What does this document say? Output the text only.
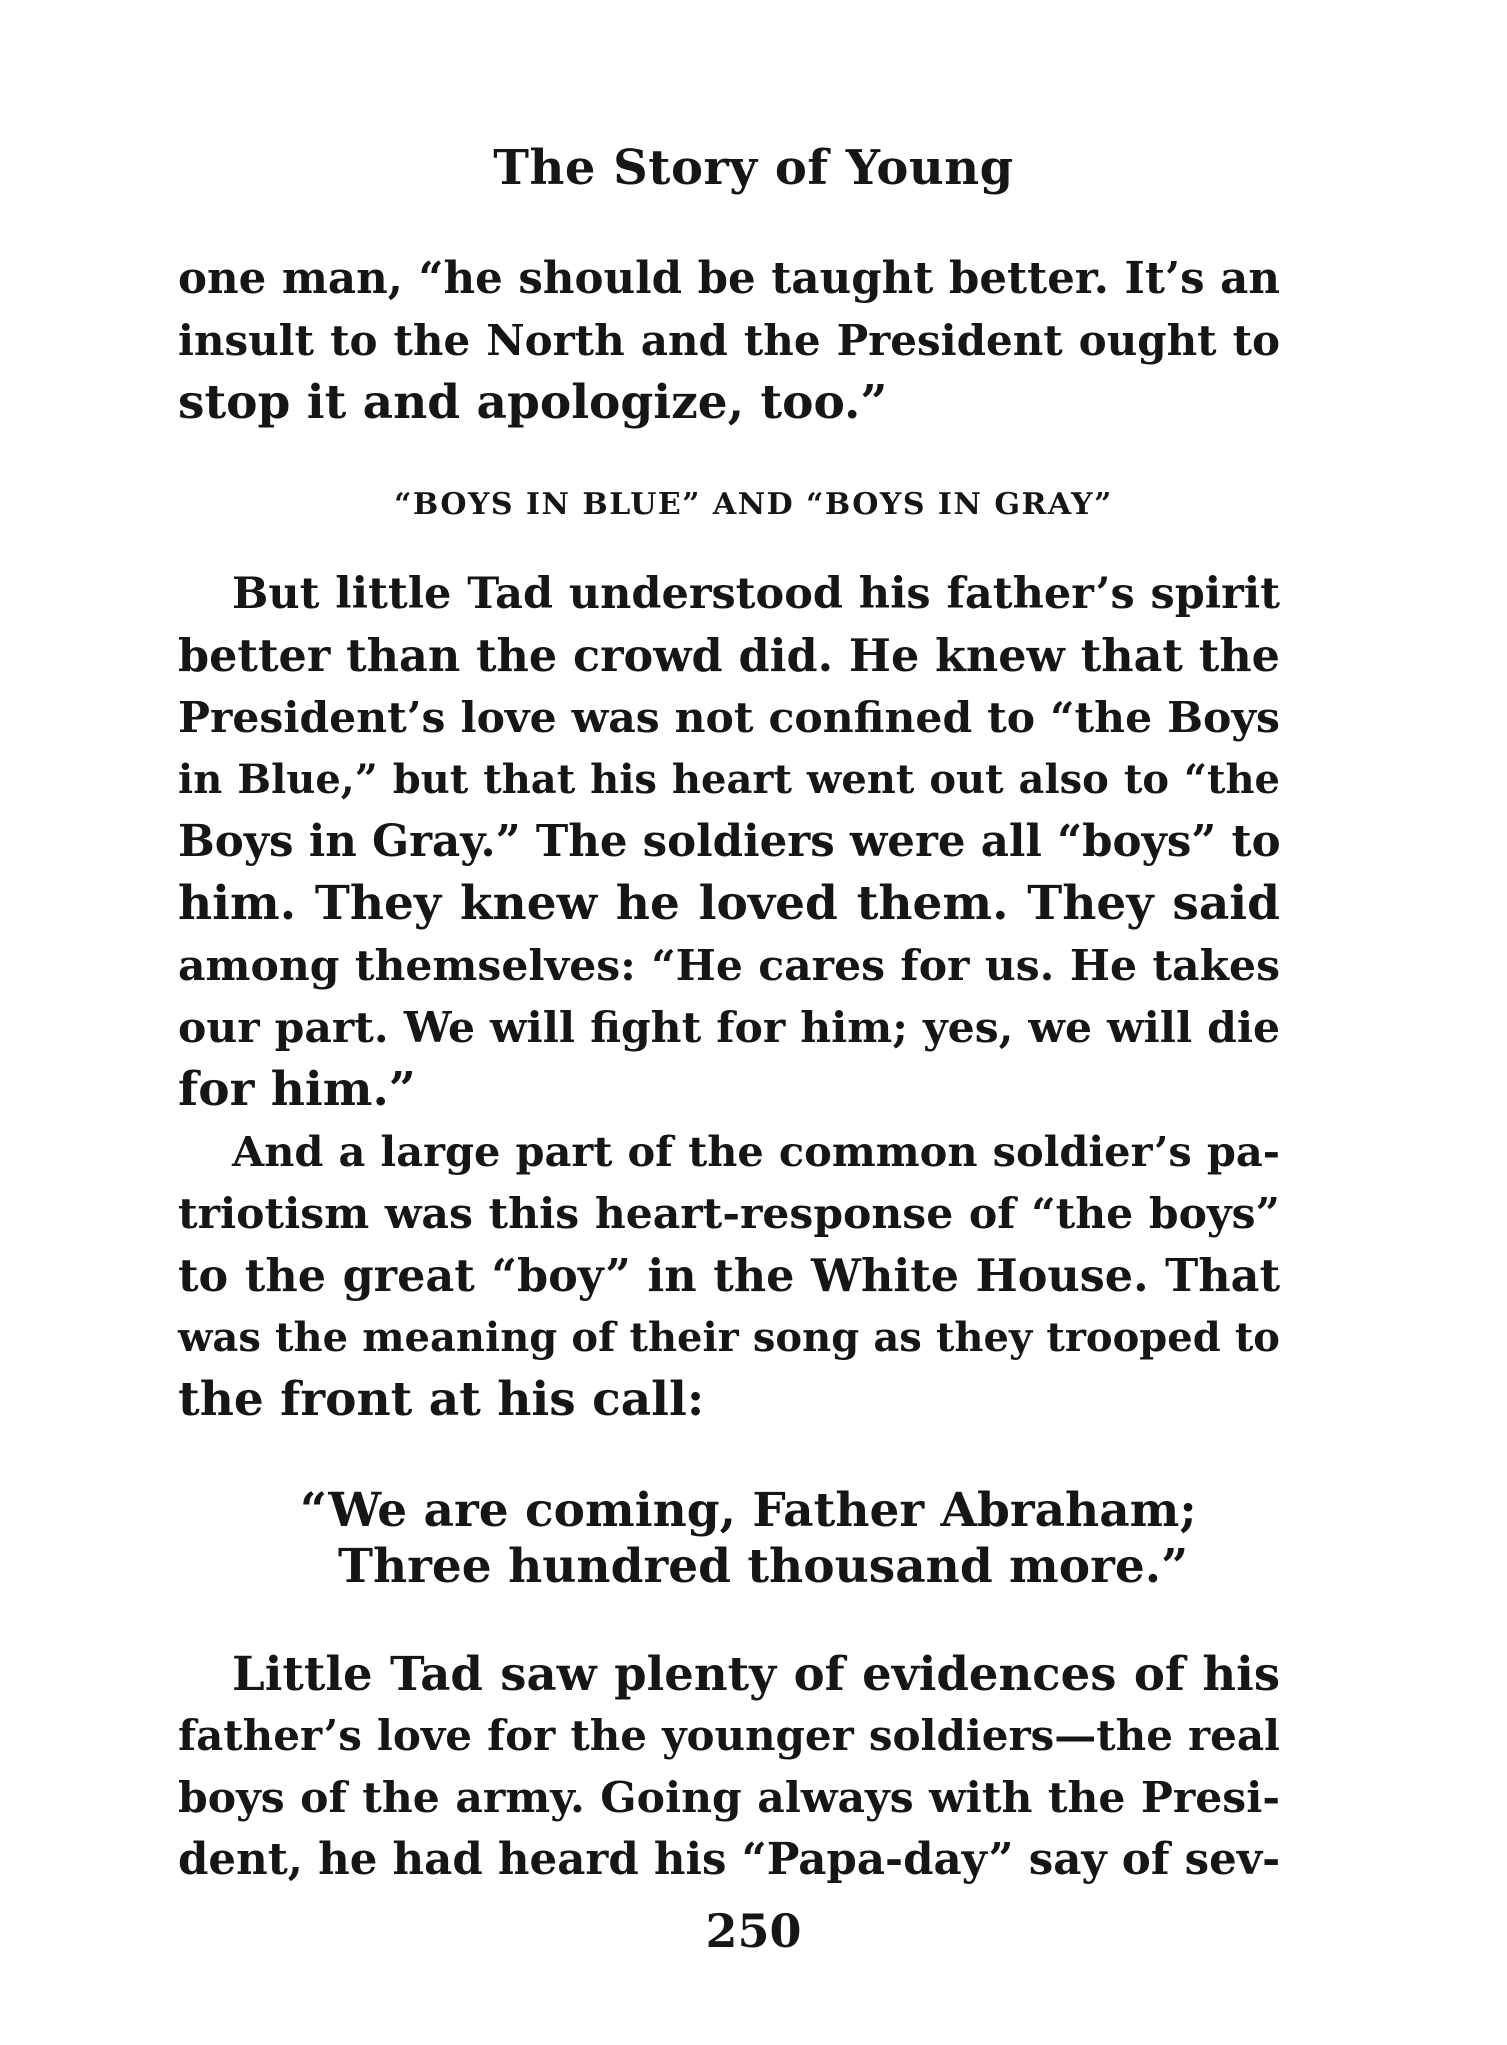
The Story of Young
one man, “he should be taught better. It’s an
insult to the North and the President ought to
stop it and apologize, too.”
“BOYS IN BLUE” AND “BOYS IN GRAY”
But little Tad understood his father’s spirit
better than the crowd did. He knew that the
President’s love was not confined to “the Boys
in Blue,” but that his heart went out also to “the
Boys in Gray.” The soldiers were all “boys” to
him. They knew he loved them. They said
among themselves: “He cares for us. He takes
our part. We will fight for him; yes, we will die
for him.”
And a large part of the common soldier’s pa-
triotism was this heart-response of “the boys”
to the great “boy” in the White House. That
was the meaning of their song as they trooped to
the front at his call:
“We are coming, Father Abraham;
Three hundred thousand more.”
Little Tad saw plenty of evidences of his
father’s love for the younger soldiers—the real
boys of the army. Going always with the Presi-
dent, he had heard his “Papa-day” say of sev-
250
